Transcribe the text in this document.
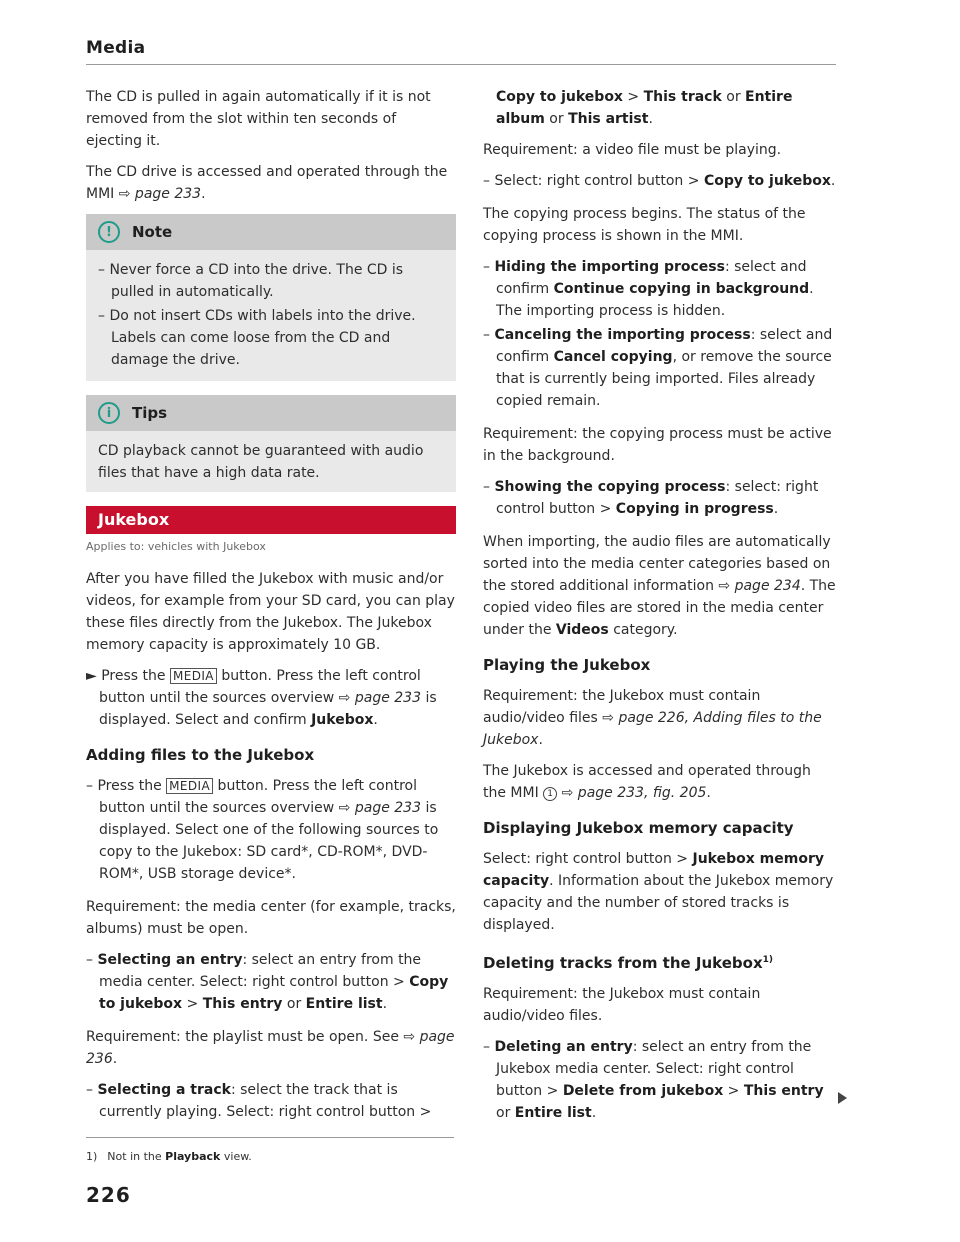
Media

The CD is pulled in again automatically if it is not removed from the slot within ten seconds of ejecting it.

The CD drive is accessed and operated through the MMI ⇨ page 233.

!	Note
– Never force a CD into the drive. The CD is pulled in automatically.
– Do not insert CDs with labels into the drive. Labels can come loose from the CD and damage the drive.
i	Tips

CD playback cannot be guaranteed with audio files that have a high data rate.

Jukebox
Applies to: vehicles with Jukebox

After you have filled the Jukebox with music and/or videos, for example from your SD card, you can play these files directly from the Jukebox. The Jukebox memory capacity is approximately 10 GB.

► Press the MEDIA button. Press the left control button until the sources overview ⇨ page 233 is displayed. Select and confirm Jukebox.
Adding files to the Jukebox
– Press the MEDIA button. Press the left control button until the sources overview ⇨ page 233 is displayed. Select one of the following sources to copy to the Jukebox: SD card*, CD-ROM*, DVD-ROM*, USB storage device*.

Requirement: the media center (for example, tracks, albums) must be open.

– Selecting an entry: select an entry from the media center. Select: right control button > Copy to jukebox > This entry or Entire list.

Requirement: the playlist must be open. See ⇨ page 236.

– Selecting a track: select the track that is currently playing. Select: right control button >

Copy to jukebox > This track or Entire album or This artist.

Requirement: a video file must be playing.

– Select: right control button > Copy to jukebox.

The copying process begins. The status of the copying process is shown in the MMI.

– Hiding the importing process: select and confirm Continue copying in background. The importing process is hidden.
– Canceling the importing process: select and confirm Cancel copying, or remove the source that is currently being imported. Files already copied remain.

Requirement: the copying process must be active in the background.

– Showing the copying process: select: right control button > Copying in progress.

When importing, the audio files are automatically sorted into the media center categories based on the stored additional information ⇨ page 234. The copied video files are stored in the media center under the Videos category.

Playing the Jukebox

Requirement: the Jukebox must contain audio/video files ⇨ page 226, Adding files to the Jukebox.

The Jukebox is accessed and operated through the MMI 1 ⇨ page 233, fig. 205.

Displaying Jukebox memory capacity

Select: right control button > Jukebox memory capacity. Information about the Jukebox memory capacity and the number of stored tracks is displayed.

Deleting tracks from the Jukebox$^{1)}$

Requirement: the Jukebox must contain audio/video files.

– Deleting an entry: select an entry from the Jukebox media center. Select: right control button > Delete from jukebox > This entry or Entire list.
1) Not in the Playback view.
226
